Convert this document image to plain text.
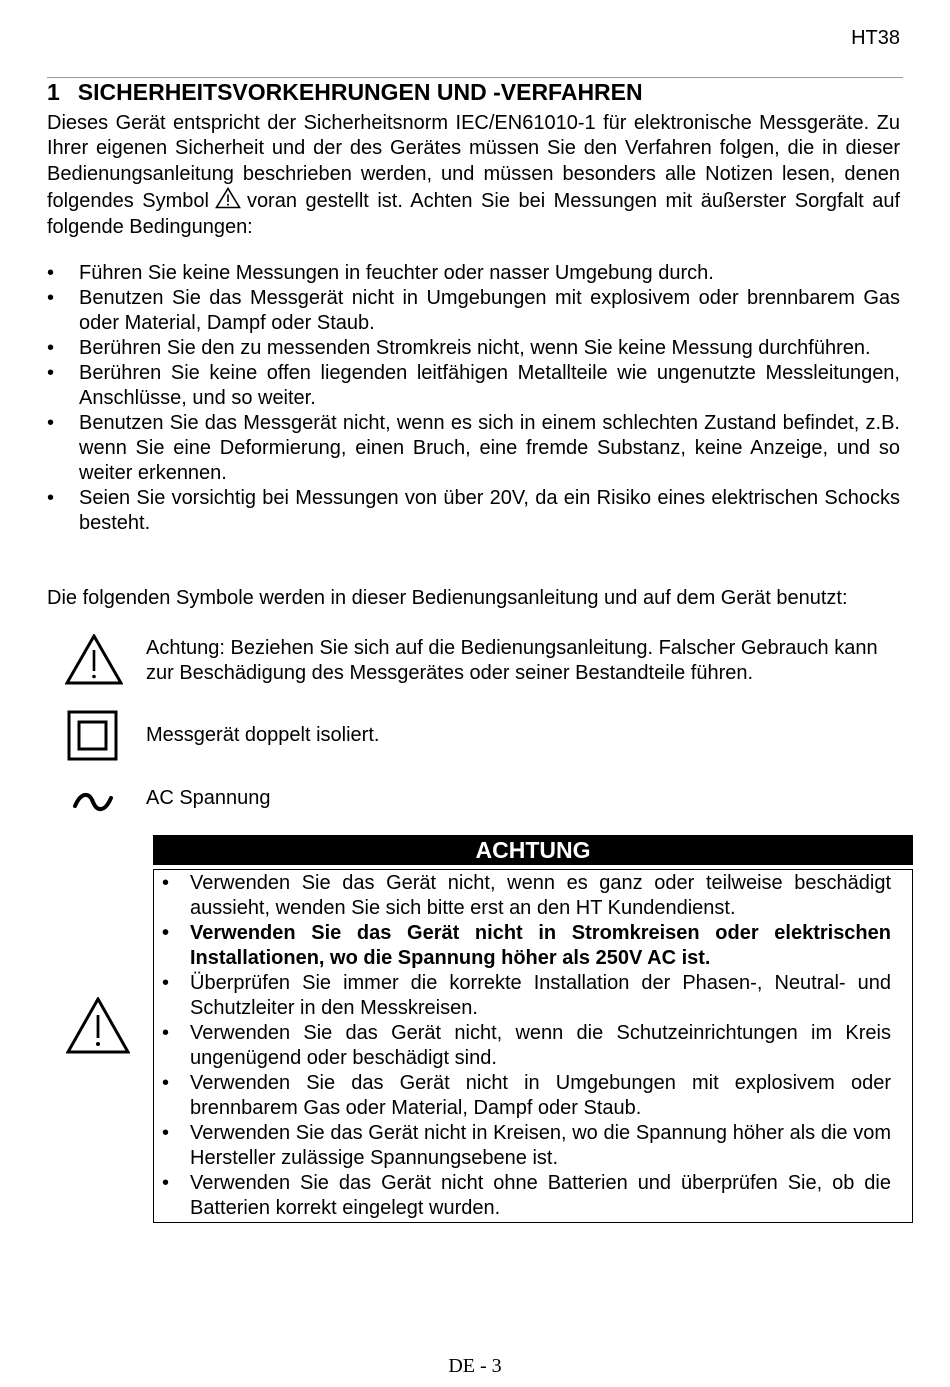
HT38
1 SICHERHEITSVORKEHRUNGEN UND -VERFAHREN

Dieses Gerät entspricht der Sicherheitsnorm IEC/EN61010-1 für elektronische Messgeräte. Zu Ihrer eigenen Sicherheit und der des Gerätes müssen Sie den Verfahren folgen, die in dieser Bedienungsanleitung beschrieben werden, und müssen besonders alle Notizen lesen, denen folgendes Symbol voran gestellt ist. Achten Sie bei Messungen mit äußerster Sorgfalt auf folgende Bedingungen:

• Führen Sie keine Messungen in feuchter oder nasser Umgebung durch.
• Benutzen Sie das Messgerät nicht in Umgebungen mit explosivem oder brennbarem Gas oder Material, Dampf oder Staub.
• Berühren Sie den zu messenden Stromkreis nicht, wenn Sie keine Messung durchführen.
• Berühren Sie keine offen liegenden leitfähigen Metallteile wie ungenutzte Messleitungen, Anschlüsse, und so weiter.
• Benutzen Sie das Messgerät nicht, wenn es sich in einem schlechten Zustand befindet, z.B. wenn Sie eine Deformierung, einen Bruch, eine fremde Substanz, keine Anzeige, und so weiter erkennen.
• Seien Sie vorsichtig bei Messungen von über 20V, da ein Risiko eines elektrischen Schocks besteht.

Die folgenden Symbole werden in dieser Bedienungsanleitung und auf dem Gerät benutzt:

Achtung: Beziehen Sie sich auf die Bedienungsanleitung. Falscher Gebrauch kann zur Beschädigung des Messgerätes oder seiner Bestandteile führen.
Messgerät doppelt isoliert.
AC Spannung
ACHTUNG
• Verwenden Sie das Gerät nicht, wenn es ganz oder teilweise beschädigt aussieht, wenden Sie sich bitte erst an den HT Kundendienst.
• Verwenden Sie das Gerät nicht in Stromkreisen oder elektrischen Installationen, wo die Spannung höher als 250V AC ist.
• Überprüfen Sie immer die korrekte Installation der Phasen-, Neutral- und Schutzleiter in den Messkreisen.
• Verwenden Sie das Gerät nicht, wenn die Schutzeinrichtungen im Kreis ungenügend oder beschädigt sind.
• Verwenden Sie das Gerät nicht in Umgebungen mit explosivem oder brennbarem Gas oder Material, Dampf oder Staub.
• Verwenden Sie das Gerät nicht in Kreisen, wo die Spannung höher als die vom Hersteller zulässige Spannungsebene ist.
• Verwenden Sie das Gerät nicht ohne Batterien und überprüfen Sie, ob die Batterien korrekt eingelegt wurden.
DE - 3
